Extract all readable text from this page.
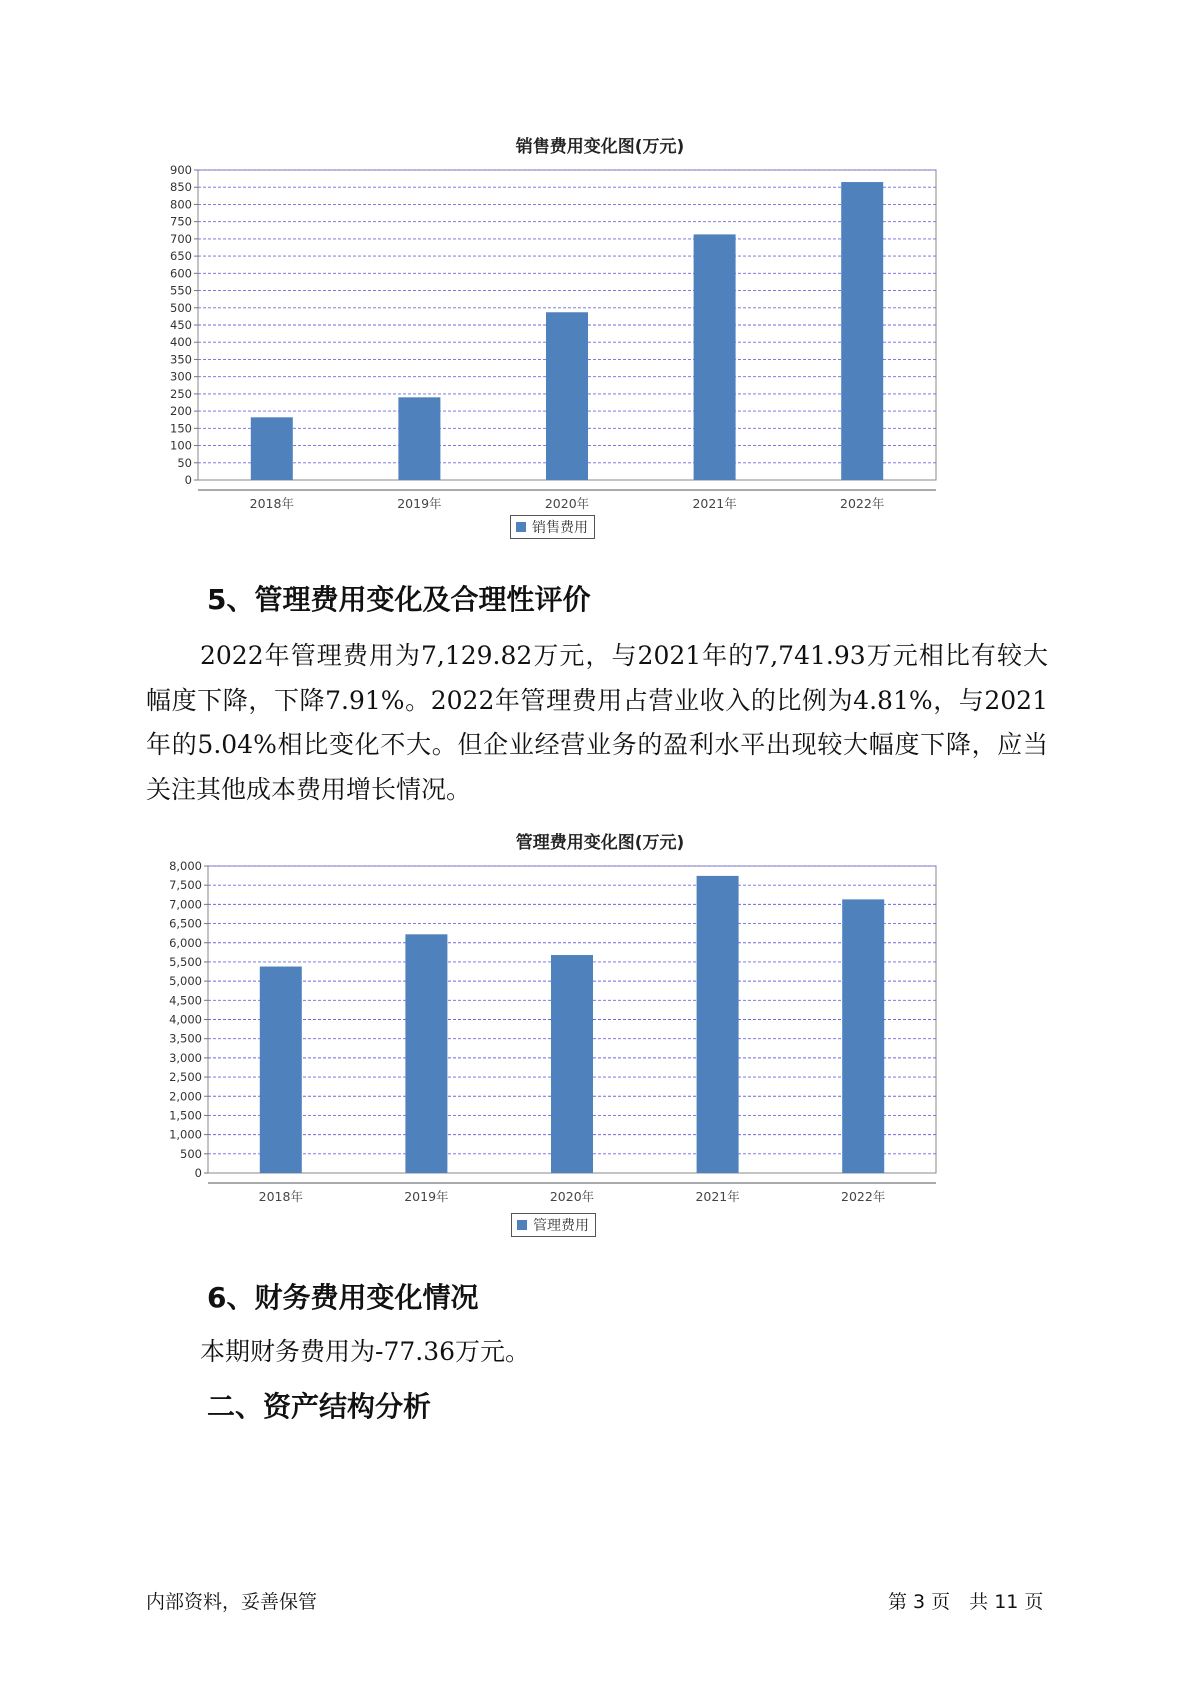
销售费用变化图(万元)
0
50
100
150
200
250
300
350
400
450
500
550
600
650
700
750
800
850
900
2018年	2019年	2020年	2021年	2022年
销售费用
5、管理费用变化及合理性评价
2022年管理费用为7,129.82万元，与2021年的7,741.93万元相比有较大幅度下降，下降7.91%。2022年管理费用占营业收入的比例为4.81%，与2021年的5.04%相比变化不大。但企业经营业务的盈利水平出现较大幅度下降，应当关注其他成本费用增长情况。
管理费用变化图(万元)
0
500
1,000
1,500
2,000
2,500
3,000
3,500
4,000
4,500
5,000
5,500
6,000
6,500
7,000
7,500
8,000
2018年	2019年	2020年	2021年	2022年
管理费用
6、财务费用变化情况
本期财务费用为-77.36万元。
二、资产结构分析
内部资料，妥善保管	第 3 页　共 11 页
